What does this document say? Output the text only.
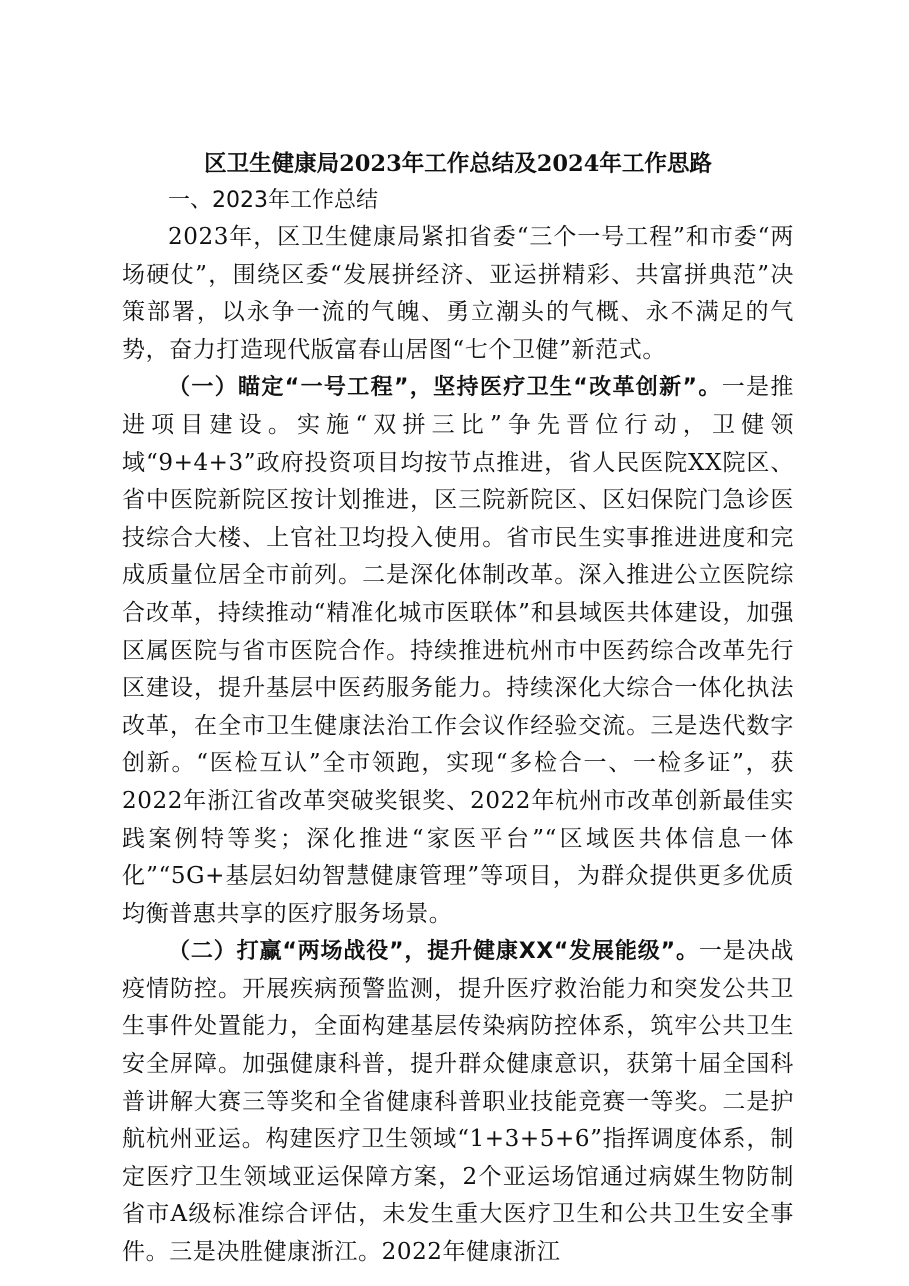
区卫生健康局2023年工作总结及2024年工作思路
一、2023年工作总结

2023年，区卫生健康局紧扣省委“三个一号工程”和市委“两场硬仗”，围绕区委“发展拼经济、亚运拼精彩、共富拼典范”决策部署，以永争一流的气魄、勇立潮头的气概、永不满足的气势，奋力打造现代版富春山居图“七个卫健”新范式。

（一）瞄定“一号工程”，坚持医疗卫生“改革创新”。一是推进项目建设。实施“双拼三比”争先晋位行动，卫健领域“9+4+3”政府投资项目均按节点推进，省人民医院XX院区、省中医院新院区按计划推进，区三院新院区、区妇保院门急诊医技综合大楼、上官社卫均投入使用。省市民生实事推进进度和完成质量位居全市前列。二是深化体制改革。深入推进公立医院综合改革，持续推动“精准化城市医联体”和县域医共体建设，加强区属医院与省市医院合作。持续推进杭州市中医药综合改革先行区建设，提升基层中医药服务能力。持续深化大综合一体化执法改革，在全市卫生健康法治工作会议作经验交流。三是迭代数字创新。“医检互认”全市领跑，实现“多检合一、一检多证”，获2022年浙江省改革突破奖银奖、2022年杭州市改革创新最佳实践案例特等奖；深化推进“家医平台”“区域医共体信息一体化”“5G+基层妇幼智慧健康管理”等项目，为群众提供更多优质均衡普惠共享的医疗服务场景。

（二）打赢“两场战役”，提升健康XX“发展能级”。一是决战疫情防控。开展疾病预警监测，提升医疗救治能力和突发公共卫生事件处置能力，全面构建基层传染病防控体系，筑牢公共卫生安全屏障。加强健康科普，提升群众健康意识，获第十届全国科普讲解大赛三等奖和全省健康科普职业技能竞赛一等奖。二是护航杭州亚运。构建医疗卫生领域“1+3+5+6”指挥调度体系，制定医疗卫生领域亚运保障方案，2个亚运场馆通过病媒生物防制省市A级标准综合评估，未发生重大医疗卫生和公共卫生安全事件。三是决胜健康浙江。2022年健康浙江
